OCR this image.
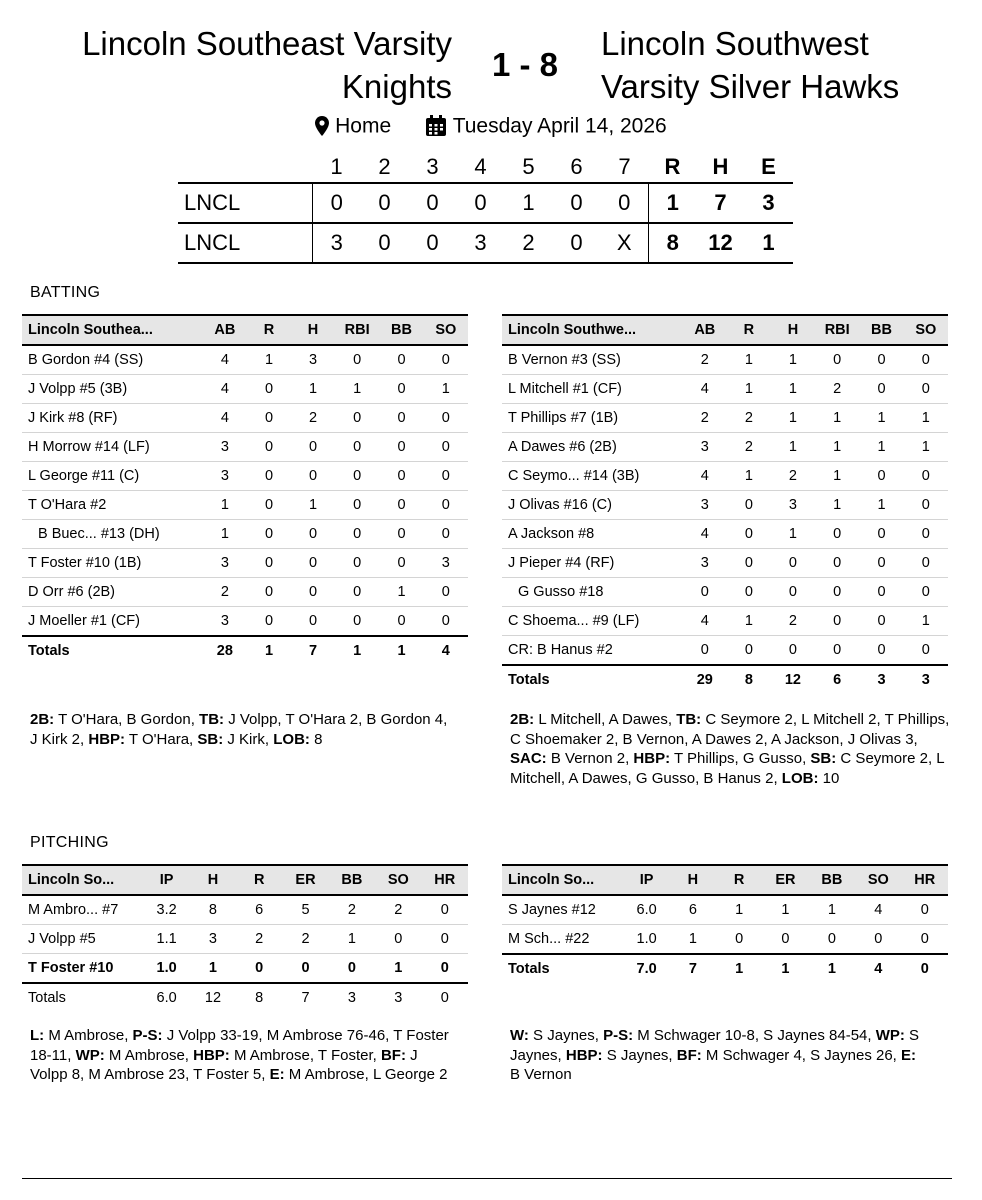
Lincoln Southeast Varsity
Knights
1 - 8
Lincoln Southwest
Varsity Silver Hawks
Home	Tuesday April 14, 2026
	1	2	3	4	5	6	7	R	H	E
LNCL	0	0	0	0	1	0	0	1	7	3
LNCL	3	0	0	3	2	0	X	8	12	1
BATTING
Lincoln Southea...	AB	R	H	RBI	BB	SO
B Gordon #4 (SS)	4	1	3	0	0	0
J Volpp #5 (3B)	4	0	1	1	0	1
J Kirk #8 (RF)	4	0	2	0	0	0
H Morrow #14 (LF)	3	0	0	0	0	0
L George #11 (C)	3	0	0	0	0	0
T O'Hara #2	1	0	1	0	0	0
B Buec... #13 (DH)	1	0	0	0	0	0
T Foster #10 (1B)	3	0	0	0	0	3
D Orr #6 (2B)	2	0	0	0	1	0
J Moeller #1 (CF)	3	0	0	0	0	0
Totals	28	1	7	1	1	4
Lincoln Southwe...	AB	R	H	RBI	BB	SO
B Vernon #3 (SS)	2	1	1	0	0	0
L Mitchell #1 (CF)	4	1	1	2	0	0
T Phillips #7 (1B)	2	2	1	1	1	1
A Dawes #6 (2B)	3	2	1	1	1	1
C Seymo... #14 (3B)	4	1	2	1	0	0
J Olivas #16 (C)	3	0	3	1	1	0
A Jackson #8	4	0	1	0	0	0
J Pieper #4 (RF)	3	0	0	0	0	0
G Gusso #18	0	0	0	0	0	0
C Shoema... #9 (LF)	4	1	2	0	0	1
CR: B Hanus #2	0	0	0	0	0	0
Totals	29	8	12	6	3	3
2B: T O'Hara, B Gordon, TB: J Volpp, T O'Hara 2, B Gordon 4, J Kirk 2, HBP: T O'Hara, SB: J Kirk, LOB: 8
2B: L Mitchell, A Dawes, TB: C Seymore 2, L Mitchell 2, T Phillips, C Shoemaker 2, B Vernon, A Dawes 2, A Jackson, J Olivas 3, SAC: B Vernon 2, HBP: T Phillips, G Gusso, SB: C Seymore 2, L Mitchell, A Dawes, G Gusso, B Hanus 2, LOB: 10
PITCHING
Lincoln So...	IP	H	R	ER	BB	SO	HR
M Ambro... #7	3.2	8	6	5	2	2	0
J Volpp #5	1.1	3	2	2	1	0	0
T Foster #10	1.0	1	0	0	0	1	0
Totals	6.0	12	8	7	3	3	0
Lincoln So...	IP	H	R	ER	BB	SO	HR
S Jaynes #12	6.0	6	1	1	1	4	0
M Sch... #22	1.0	1	0	0	0	0	0
Totals	7.0	7	1	1	1	4	0
L: M Ambrose, P-S: J Volpp 33-19, M Ambrose 76-46, T Foster 18-11, WP: M Ambrose, HBP: M Ambrose, T Foster, BF: J Volpp 8, M Ambrose 23, T Foster 5, E: M Ambrose, L George 2
W: S Jaynes, P-S: M Schwager 10-8, S Jaynes 84-54, WP: S Jaynes, HBP: S Jaynes, BF: M Schwager 4, S Jaynes 26, E: B Vernon
